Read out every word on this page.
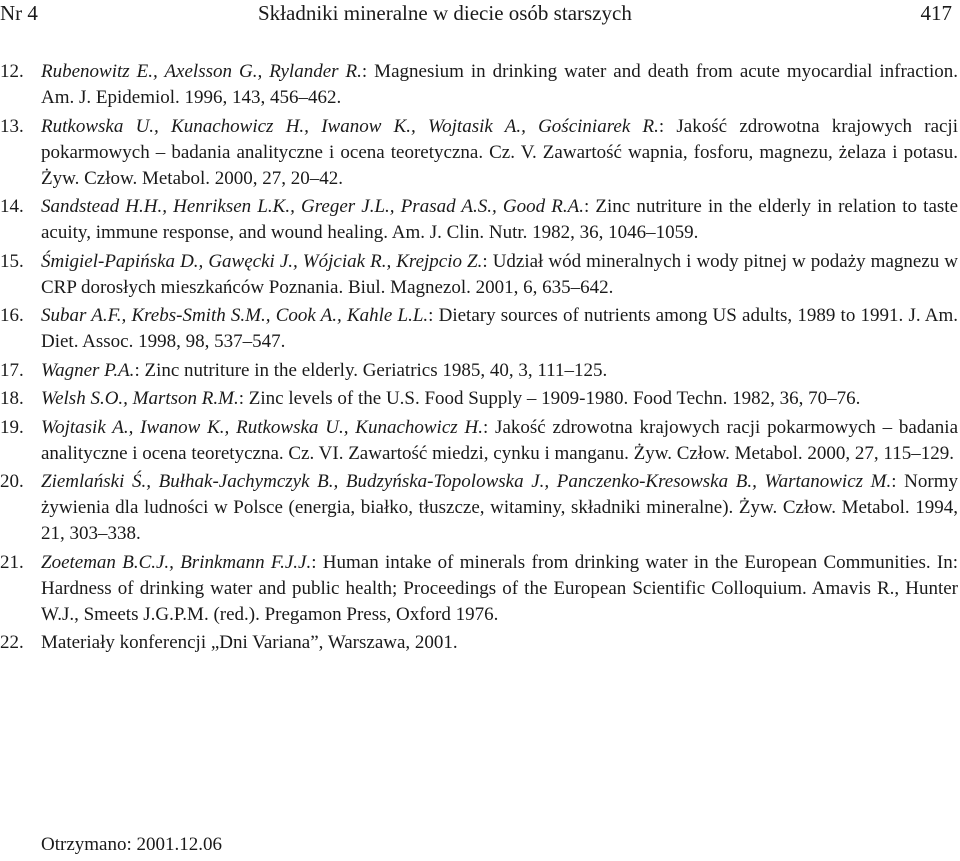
Nr 4	Składniki mineralne w diecie osób starszych	417
12. Rubenowitz E., Axelsson G., Rylander R.: Magnesium in drinking water and death from acute myocardial infraction. Am. J. Epidemiol. 1996, 143, 456–462.
13. Rutkowska U., Kunachowicz H., Iwanow K., Wojtasik A., Gościniarek R.: Jakość zdrowotna krajowych racji pokarmowych – badania analityczne i ocena teoretyczna. Cz. V. Zawartość wapnia, fosforu, magnezu, żelaza i potasu. Żyw. Człow. Metabol. 2000, 27, 20–42.
14. Sandstead H.H., Henriksen L.K., Greger J.L., Prasad A.S., Good R.A.: Zinc nutriture in the elderly in relation to taste acuity, immune response, and wound healing. Am. J. Clin. Nutr. 1982, 36, 1046–1059.
15. Śmigiel-Papińska D., Gawęcki J., Wójciak R., Krejpcio Z.: Udział wód mineralnych i wody pitnej w podaży magnezu w CRP dorosłych mieszkańców Poznania. Biul. Magnezol. 2001, 6, 635–642.
16. Subar A.F., Krebs-Smith S.M., Cook A., Kahle L.L.: Dietary sources of nutrients among US adults, 1989 to 1991. J. Am. Diet. Assoc. 1998, 98, 537–547.
17. Wagner P.A.: Zinc nutriture in the elderly. Geriatrics 1985, 40, 3, 111–125.
18. Welsh S.O., Martson R.M.: Zinc levels of the U.S. Food Supply – 1909-1980. Food Techn. 1982, 36, 70–76.
19. Wojtasik A., Iwanow K., Rutkowska U., Kunachowicz H.: Jakość zdrowotna krajowych racji pokarmowych – badania analityczne i ocena teoretyczna. Cz. VI. Zawartość miedzi, cynku i manganu. Żyw. Człow. Metabol. 2000, 27, 115–129.
20. Ziemlański Ś., Bułhak-Jachymczyk B., Budzyńska-Topolowska J., Panczenko-Kresowska B., Wartanowicz M.: Normy żywienia dla ludności w Polsce (energia, białko, tłuszcze, witaminy, składniki mineralne). Żyw. Człow. Metabol. 1994, 21, 303–338.
21. Zoeteman B.C.J., Brinkmann F.J.J.: Human intake of minerals from drinking water in the European Communities. In: Hardness of drinking water and public health; Proceedings of the European Scientific Colloquium. Amavis R., Hunter W.J., Smeets J.G.P.M. (red.). Pregamon Press, Oxford 1976.
22. Materiały konferencji „Dni Variana”, Warszawa, 2001.
Otrzymano: 2001.12.06
